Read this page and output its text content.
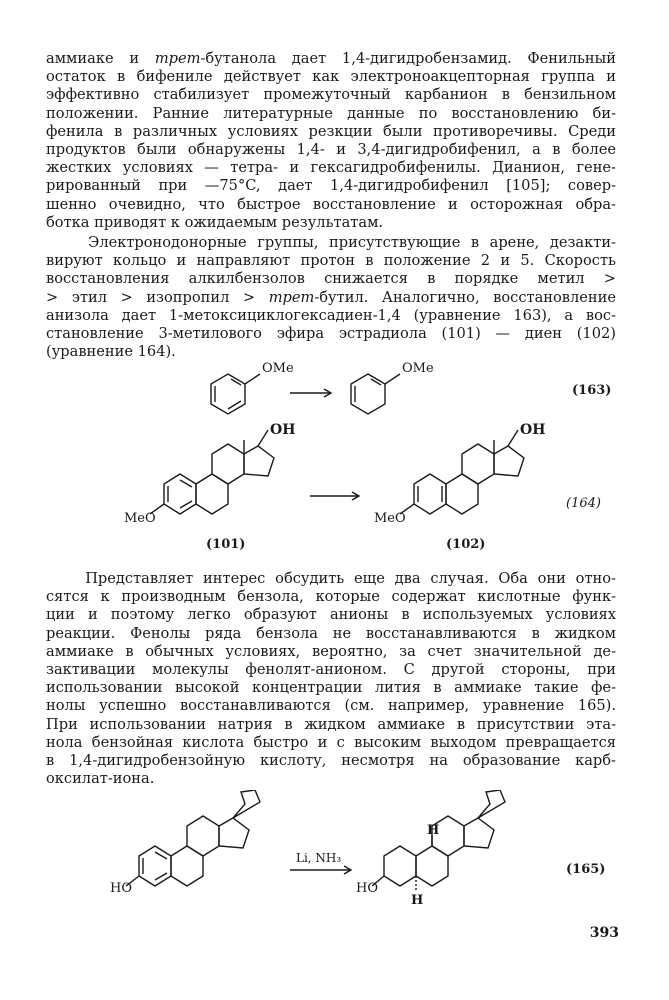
аммиаке и трет-бутанола дает 1,4-дигидробензамид. Фенильный
остаток в бифениле действует как электроноакцепторная группа и
эффективно стабилизует промежуточный карбанион в бензильном
положении. Ранние литературные данные по восстановлению би-
фенила в различных условиях резкции были противоречивы. Среди
продуктов были обнаружены 1,4- и 3,4-дигидробифенил, а в более
жестких условиях — тетра- и гексагидробифенилы. Дианион, гене-
рированный при —75°C, дает 1,4-дигидробифенил [105]; совер-
шенно очевидно, что быстрое восстановление и осторожная обра-
ботка приводят к ожидаемым результатам.
Электронодонорные группы, присутствующие в арене, дезакти-
вируют кольцо и направляют протон в положение 2 и 5. Скорость
восстановления алкилбензолов снижается в порядке метил >
> этил > изопропил > трет-бутил. Аналогично, восстановление
анизола дает 1-метоксициклогексадиен-1,4 (уравнение 163), а вос-
становление 3-метилового эфира эстрадиола (101) — диен (102)
(уравнение 164).
OMe	OMe
(163)
OH	OH
MeO	MeO
(101)	(102)
(164)
Представляет интерес обсудить еще два случая. Оба они отно-
сятся к производным бензола, которые содержат кислотные функ-
ции и поэтому легко образуют анионы в используемых условиях
реакции. Фенолы ряда бензола не восстанавливаются в жидком
аммиаке в обычных условиях, вероятно, за счет значительной де-
зактивации молекулы фенолят-анионом. С другой стороны, при
использовании высокой концентрации лития в аммиаке такие фе-
нолы успешно восстанавливаются (см. например, уравнение 165).
При использовании натрия в жидком аммиаке в присутствии эта-
нола бензойная кислота быстро и с высоким выходом превращается
в 1,4-дигидробензойную кислоту, несмотря на образование карб-
оксилат-иона.
HO	HO
Li, NH₃
H
H
(165)
393
